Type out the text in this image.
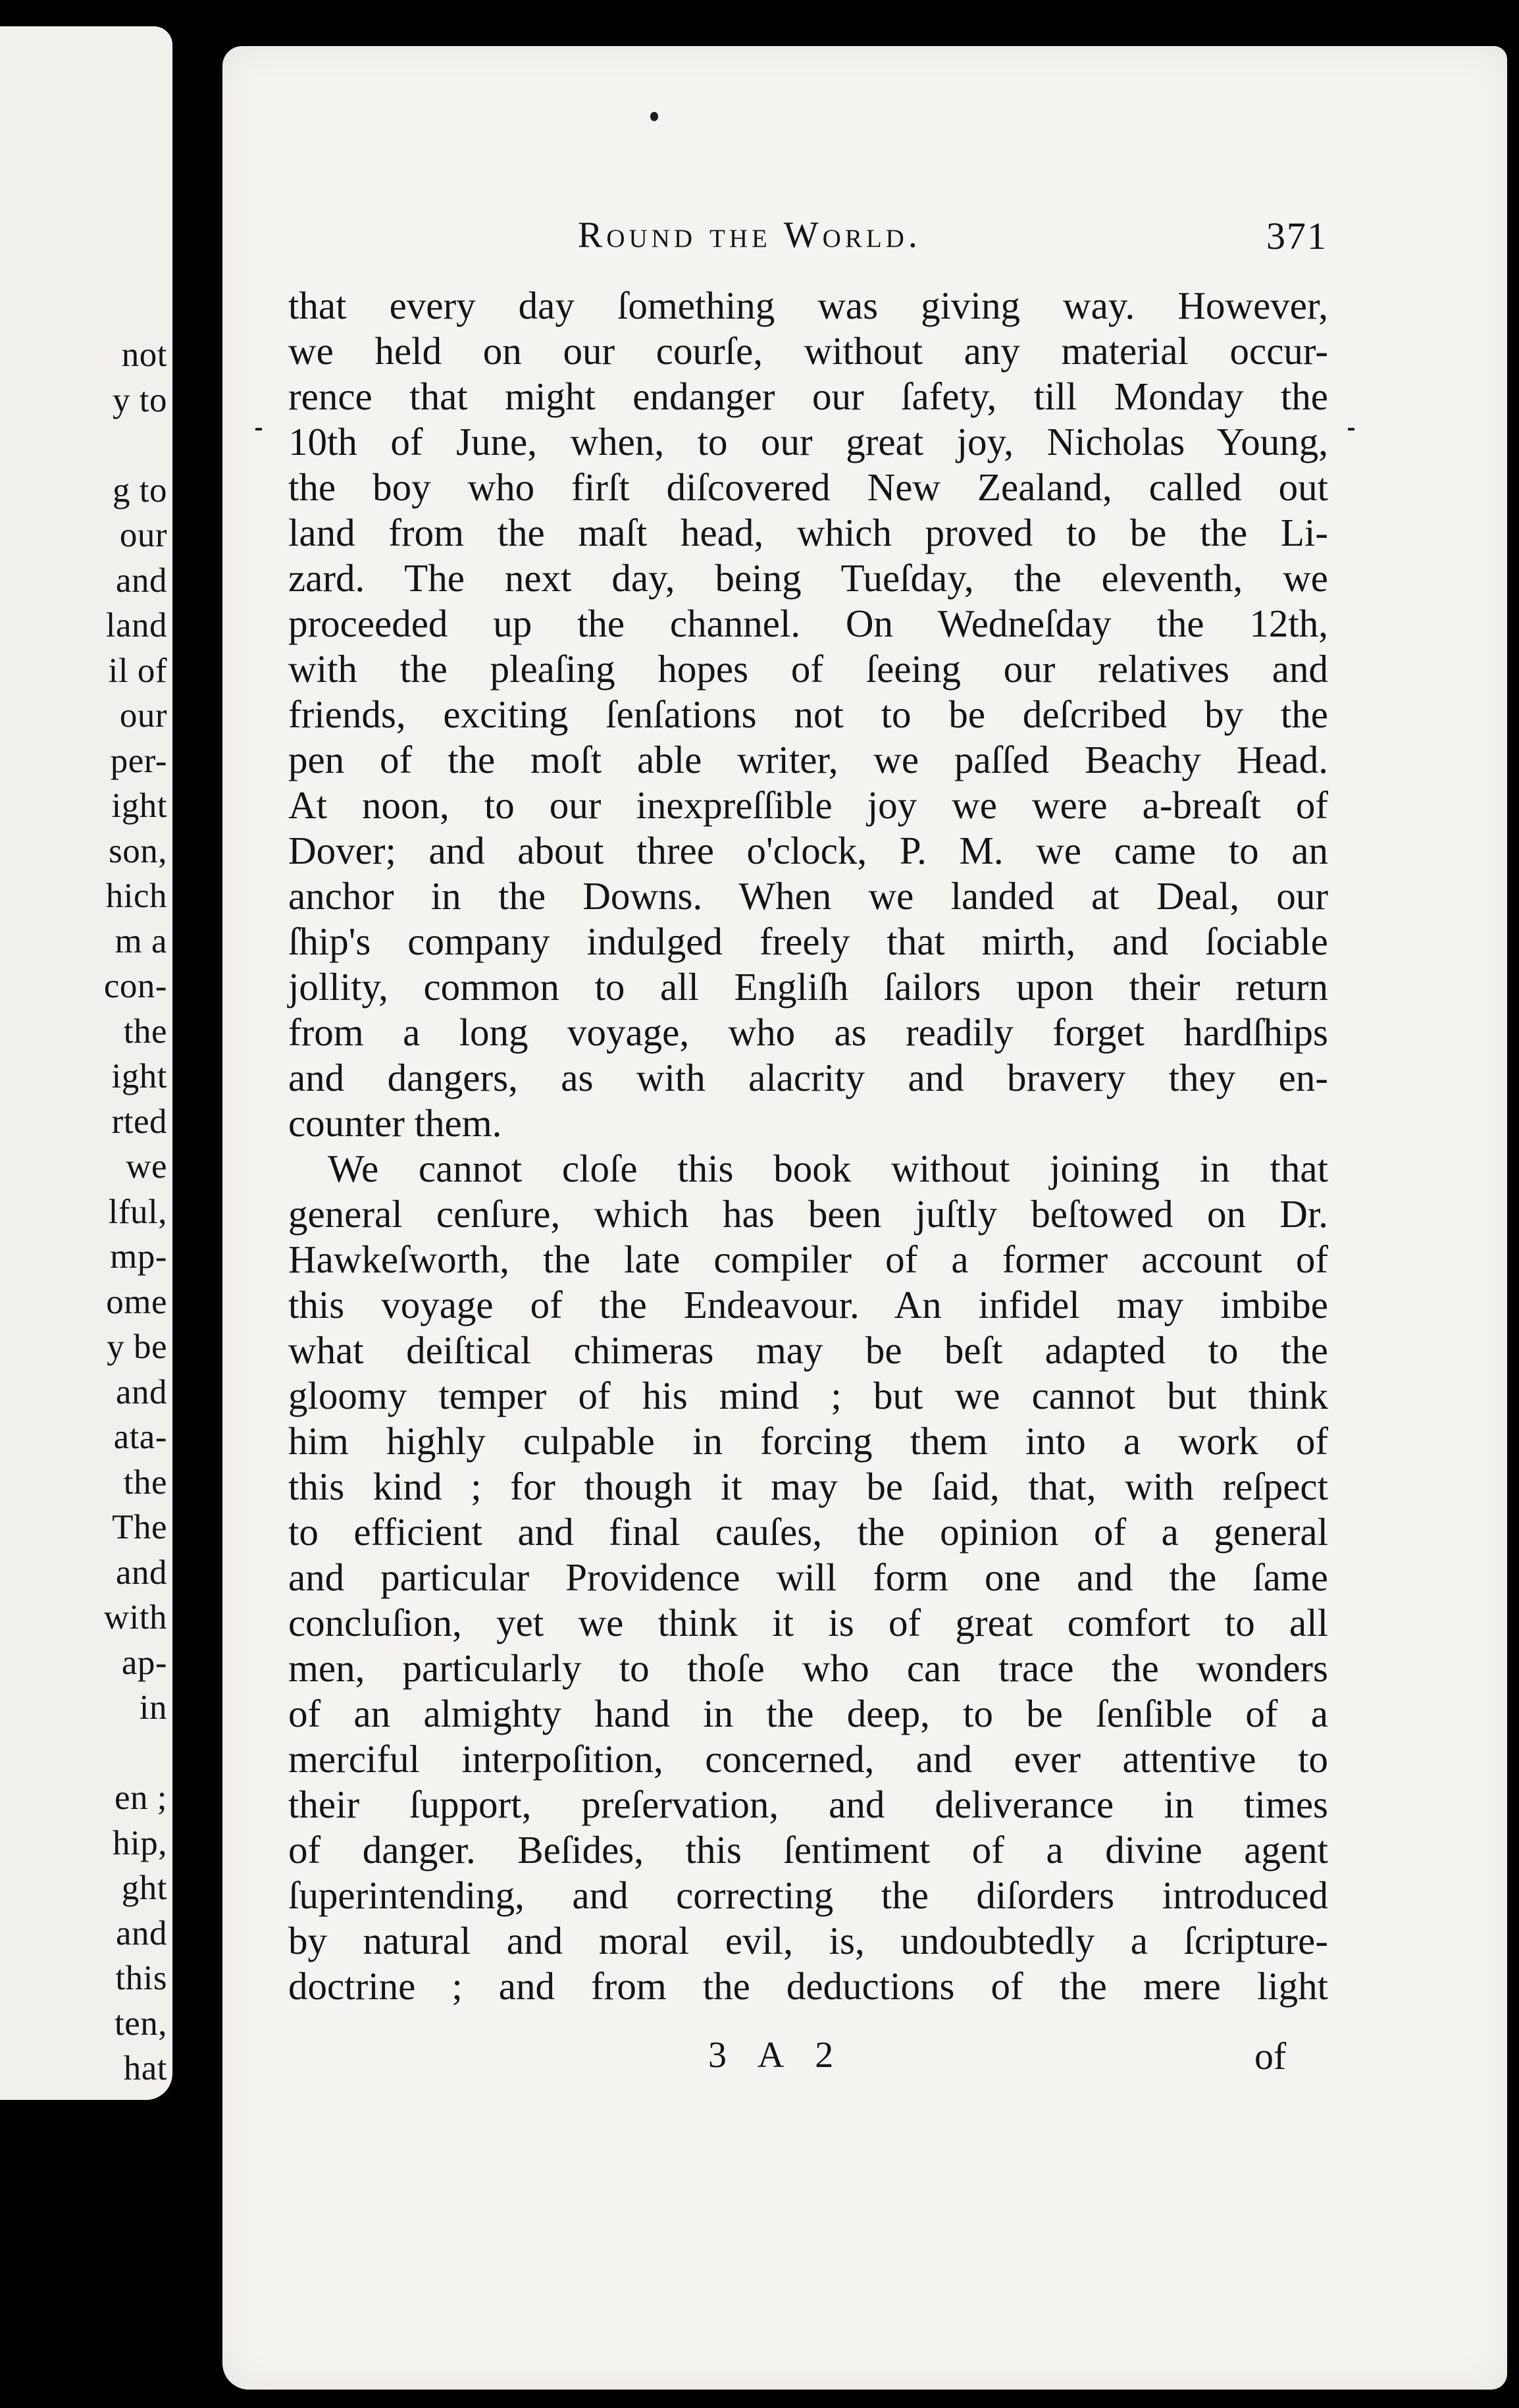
not
y to
g to
our
and
land
il of
our
per-
ight
son,
hich
m a
con-
the
ight
rted
we
lful,
mp-
ome
y be
and
ata-
the
The
and
with
ap-
in
en ;
hip,
ght
and
this
ten,
hat
Round the World.	371
that every day ſomething was giving way. However,
we held on our courſe, without any material occur-
rence that might endanger our ſafety, till Monday the
10th of June, when, to our great joy, Nicholas Young,
the boy who firſt diſcovered New Zealand, called out
land from the maſt head, which proved to be the Li-
zard. The next day, being Tueſday, the eleventh, we
proceeded up the channel. On Wedneſday the 12th,
with the pleaſing hopes of ſeeing our relatives and
friends, exciting ſenſations not to be deſcribed by the
pen of the moſt able writer, we paſſed Beachy Head.
At noon, to our inexpreſſible joy we were a-breaſt of
Dover; and about three o'clock, P. M. we came to an
anchor in the Downs. When we landed at Deal, our
ſhip's company indulged freely that mirth, and ſociable
jollity, common to all Engliſh ſailors upon their return
from a long voyage, who as readily forget hardſhips
and dangers, as with alacrity and bravery they en-
counter them.
We cannot cloſe this book without joining in that
general cenſure, which has been juſtly beſtowed on Dr.
Hawkeſworth, the late compiler of a former account of
this voyage of the Endeavour. An infidel may imbibe
what deiſtical chimeras may be beſt adapted to the
gloomy temper of his mind ; but we cannot but think
him highly culpable in forcing them into a work of
this kind ; for though it may be ſaid, that, with reſpect
to efficient and final cauſes, the opinion of a general
and particular Providence will form one and the ſame
concluſion, yet we think it is of great comfort to all
men, particularly to thoſe who can trace the wonders
of an almighty hand in the deep, to be ſenſible of a
merciful interpoſition, concerned, and ever attentive to
their ſupport, preſervation, and deliverance in times
of danger. Beſides, this ſentiment of a divine agent
ſuperintending, and correcting the diſorders introduced
by natural and moral evil, is, undoubtedly a ſcripture-
doctrine ; and from the deductions of the mere light
3 A 2	of
